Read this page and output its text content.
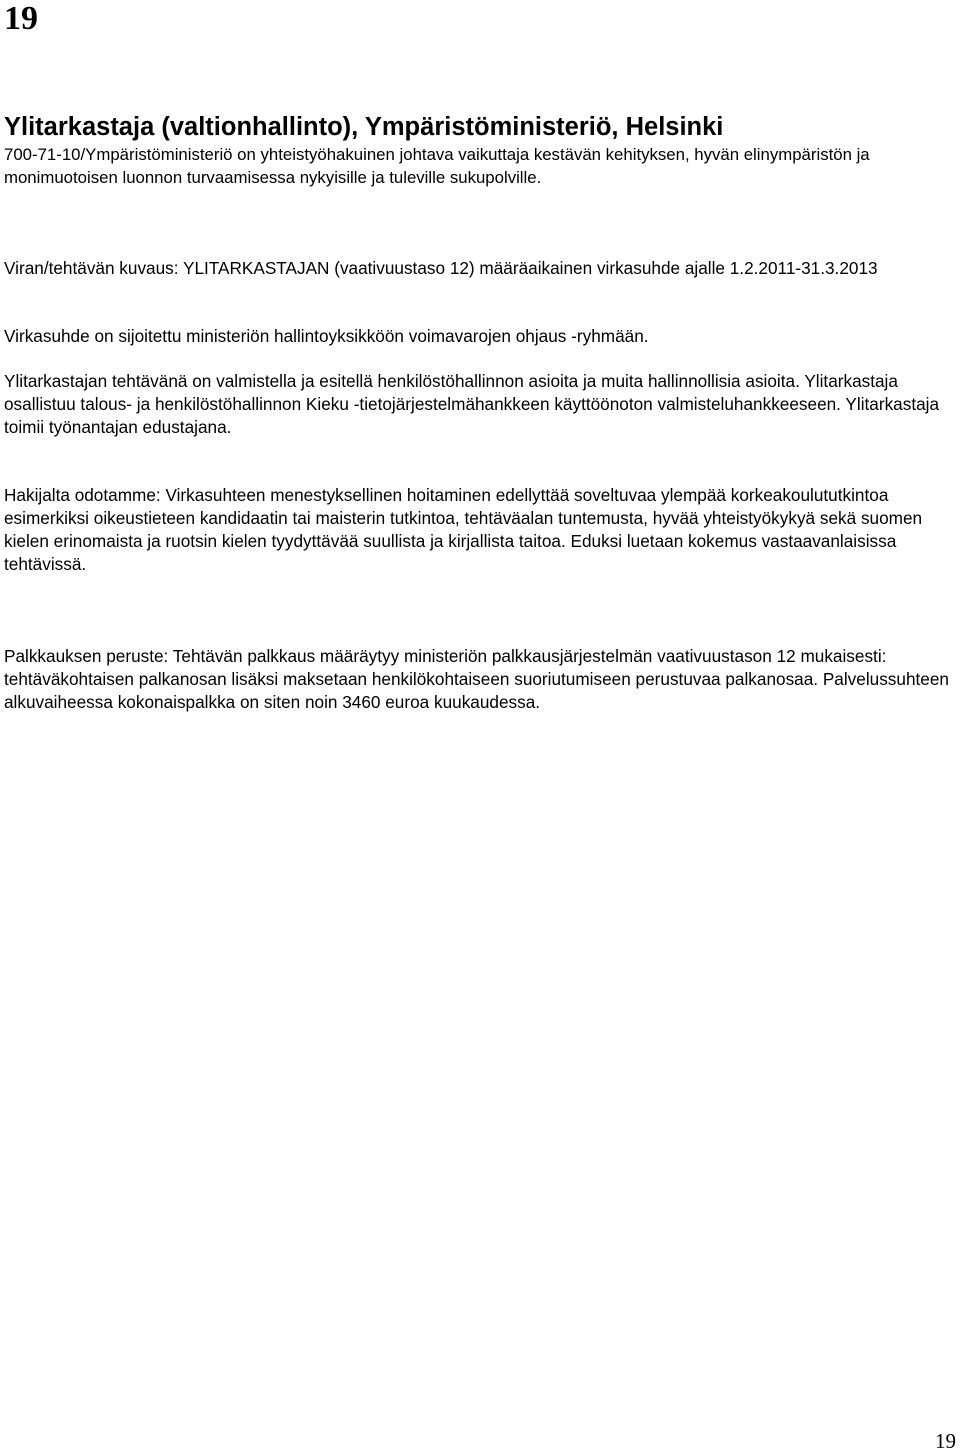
19
Ylitarkastaja (valtionhallinto), Ympäristöministeriö, Helsinki

700-71-10/Ympäristöministeriö on yhteistyöhakuinen johtava vaikuttaja kestävän kehityksen, hyvän elinympäristön ja monimuotoisen luonnon turvaamisessa nykyisille ja tuleville sukupolville.

Viran/tehtävän kuvaus: YLITARKASTAJAN (vaativuustaso 12) määräaikainen virkasuhde ajalle 1.2.2011-31.3.2013

Virkasuhde on sijoitettu ministeriön hallintoyksikköön voimavarojen ohjaus -ryhmään.

Ylitarkastajan tehtävänä on valmistella ja esitellä henkilöstöhallinnon asioita ja muita hallinnollisia asioita. Ylitarkastaja osallistuu talous- ja henkilöstöhallinnon Kieku -tietojärjestelmähankkeen käyttöönoton valmisteluhankkeeseen. Ylitarkastaja toimii työnantajan edustajana.

Hakijalta odotamme: Virkasuhteen menestyksellinen hoitaminen edellyttää soveltuvaa ylempää korkeakoulututkintoa esimerkiksi oikeustieteen kandidaatin tai maisterin tutkintoa, tehtäväalan tuntemusta, hyvää yhteistyökykyä sekä suomen kielen erinomaista ja ruotsin kielen tyydyttävää suullista ja kirjallista taitoa. Eduksi luetaan kokemus vastaavanlaisissa tehtävissä.

Palkkauksen peruste: Tehtävän palkkaus määräytyy ministeriön palkkausjärjestelmän vaativuustason 12 mukaisesti: tehtäväkohtaisen palkanosan lisäksi maksetaan henkilökohtaiseen suoriutumiseen perustuvaa palkanosaa. Palvelussuhteen alkuvaiheessa kokonaispalkka on siten noin 3460 euroa kuukaudessa.

19
